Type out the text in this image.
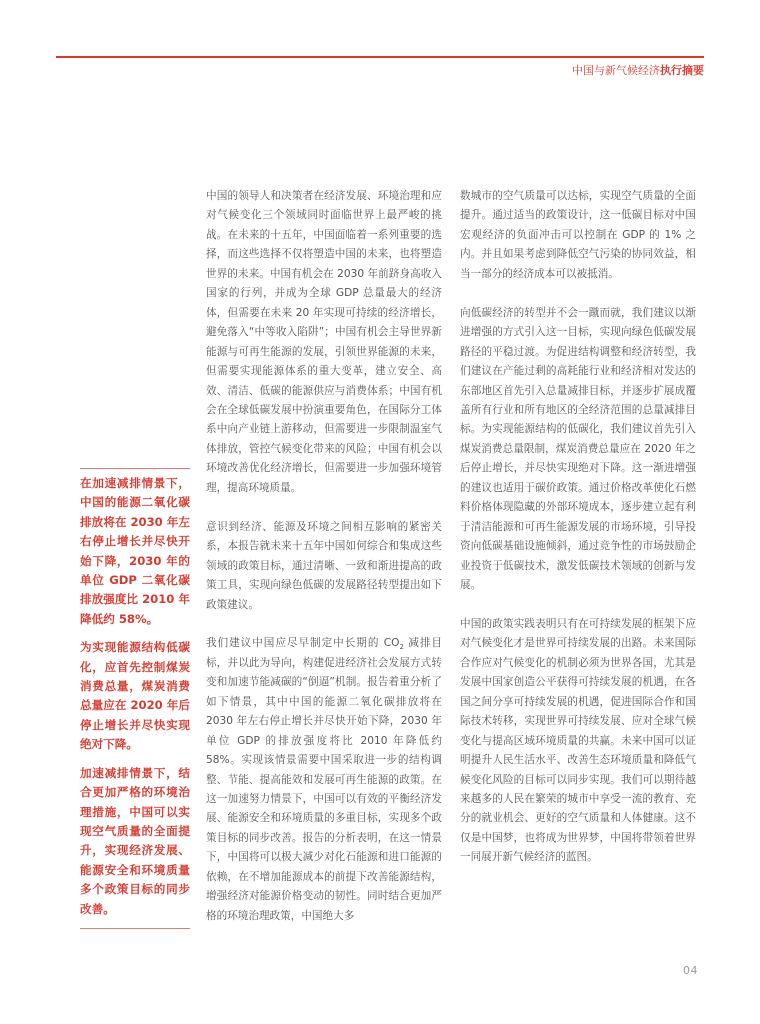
中国与新气候经济执行摘要
在加速减排情景下，中国的能源二氧化碳排放将在 2030 年左右停止增长并尽快开始下降，2030 年的单位 GDP 二氧化碳排放强度比 2010 年降低约 58%。
为实现能源结构低碳化，应首先控制煤炭消费总量，煤炭消费总量应在 2020 年后停止增长并尽快实现绝对下降。
加速减排情景下，结合更加严格的环境治理措施，中国可以实现空气质量的全面提升，实现经济发展、能源安全和环境质量多个政策目标的同步改善。

中国的领导人和决策者在经济发展、环境治理和应对气候变化三个领域同时面临世界上最严峻的挑战。在未来的十五年，中国面临着一系列重要的选择，而这些选择不仅将塑造中国的未来，也将塑造世界的未来。中国有机会在 2030 年前跻身高收入国家的行列，并成为全球 GDP 总量最大的经济体，但需要在未来 20 年实现可持续的经济增长，避免落入“中等收入陷阱”；中国有机会主导世界新能源与可再生能源的发展，引领世界能源的未来，但需要实现能源体系的重大变革，建立安全、高效、清洁、低碳的能源供应与消费体系；中国有机会在全球低碳发展中扮演重要角色，在国际分工体系中向产业链上游移动，但需要进一步限制温室气体排放，管控气候变化带来的风险；中国有机会以环境改善优化经济增长，但需要进一步加强环境管理，提高环境质量。

意识到经济、能源及环境之间相互影响的紧密关系，本报告就未来十五年中国如何综合和集成这些领域的政策目标，通过清晰、一致和渐进提高的政策工具，实现向绿色低碳的发展路径转型提出如下政策建议。

我们建议中国应尽早制定中长期的 $CO_2$ 减排目标，并以此为导向，构建促进经济社会发展方式转变和加速节能减碳的“倒逼”机制。报告着重分析了如下情景，其中中国的能源二氧化碳排放将在 2030 年左右停止增长并尽快开始下降，2030 年单位 GDP 的排放强度将比 2010 年降低约 58%。实现该情景需要中国采取进一步的结构调整、节能、提高能效和发展可再生能源的政策。在这一加速努力情景下，中国可以有效的平衡经济发展、能源安全和环境质量的多重目标，实现多个政策目标的同步改善。报告的分析表明，在这一情景下，中国将可以极大减少对化石能源和进口能源的依赖，在不增加能源成本的前提下改善能源结构，增强经济对能源价格变动的韧性。同时结合更加严格的环境治理政策，中国绝大多

数城市的空气质量可以达标，实现空气质量的全面提升。通过适当的政策设计，这一低碳目标对中国宏观经济的负面冲击可以控制在 GDP 的 1% 之内。并且如果考虑到降低空气污染的协同效益，相当一部分的经济成本可以被抵消。

向低碳经济的转型并不会一蹴而就，我们建议以渐进增强的方式引入这一目标，实现向绿色低碳发展路径的平稳过渡。为促进结构调整和经济转型，我们建议在产能过剩的高耗能行业和经济相对发达的东部地区首先引入总量减排目标，并逐步扩展成覆盖所有行业和所有地区的全经济范围的总量减排目标。为实现能源结构的低碳化，我们建议首先引入煤炭消费总量限制，煤炭消费总量应在 2020 年之后停止增长，并尽快实现绝对下降。这一渐进增强的建议也适用于碳价政策。通过价格改革使化石燃料价格体现隐藏的外部环境成本，逐步建立起有利于清洁能源和可再生能源发展的市场环境，引导投资向低碳基础设施倾斜，通过竞争性的市场鼓励企业投资于低碳技术，激发低碳技术领域的创新与发展。

中国的政策实践表明只有在可持续发展的框架下应对气候变化才是世界可持续发展的出路。未来国际合作应对气候变化的机制必须为世界各国，尤其是发展中国家创造公平获得可持续发展的机遇，在各国之间分享可持续发展的机遇，促进国际合作和国际技术转移，实现世界可持续发展、应对全球气候变化与提高区域环境质量的共赢。未来中国可以证明提升人民生活水平、改善生态环境质量和降低气候变化风险的目标可以同步实现。我们可以期待越来越多的人民在繁荣的城市中享受一流的教育、充分的就业机会、更好的空气质量和人体健康。这不仅是中国梦，也将成为世界梦，中国将带领着世界一同展开新气候经济的蓝图。

04
